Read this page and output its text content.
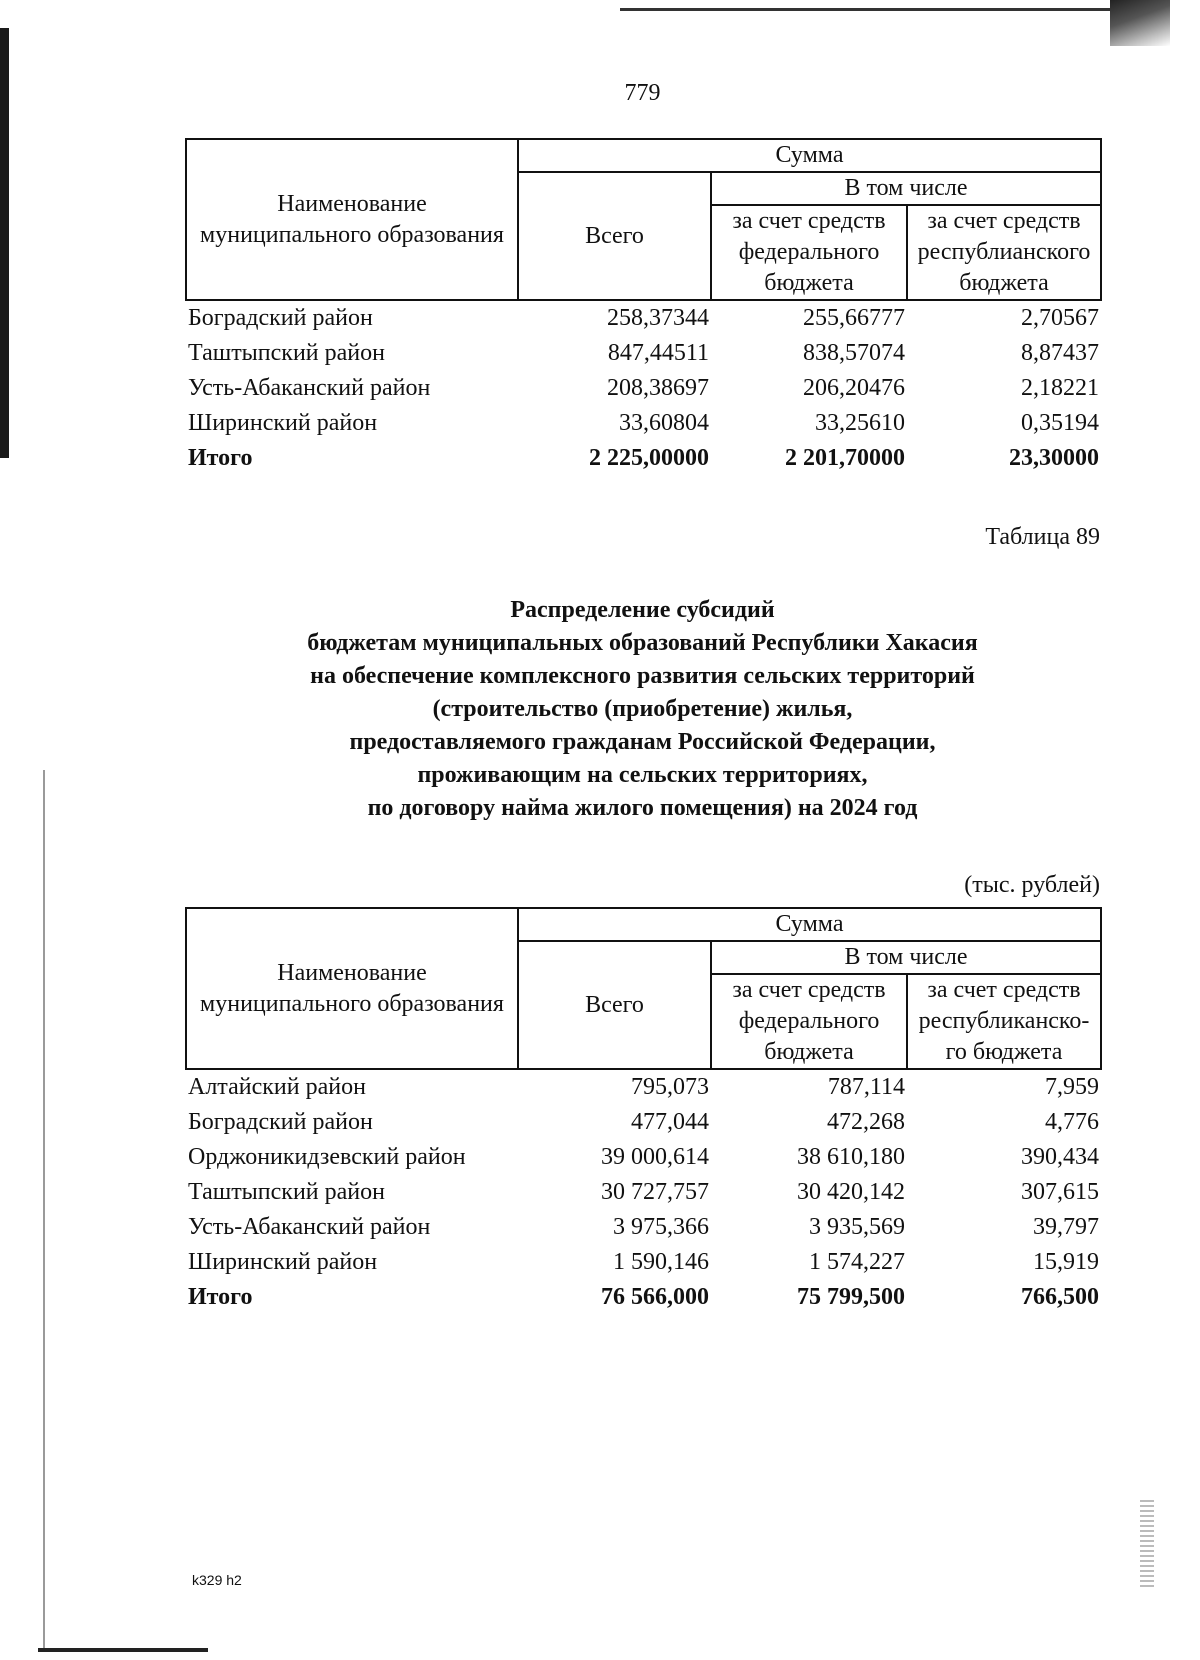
779
Наименование муниципального образования	Сумма		
	Всего	В том числе	
		за счет средств федерального бюджета	за счет средств республианского бюджета
Боградский район	258,37344	255,66777	2,70567
Таштыпский район	847,44511	838,57074	8,87437
Усть-Абаканский район	208,38697	206,20476	2,18221
Ширинский район	33,60804	33,25610	0,35194
Итого	2 225,00000	2 201,70000	23,30000
Таблица 89
Распределение субсидий
бюджетам муниципальных образований Республики Хакасия
на обеспечение комплексного развития сельских территорий
(строительство (приобретение) жилья,
предоставляемого гражданам Российской Федерации,
проживающим на сельских территориях,
по договору найма жилого помещения) на 2024 год
(тыс. рублей)
Наименование муниципального образования	Сумма		
	Всего	В том числе	
		за счет средств федерального бюджета	за счет средств республиканско-го бюджета
Алтайский район	795,073	787,114	7,959
Боградский район	477,044	472,268	4,776
Орджоникидзевский район	39 000,614	38 610,180	390,434
Таштыпский район	30 727,757	30 420,142	307,615
Усть-Абаканский район	3 975,366	3 935,569	39,797
Ширинский район	1 590,146	1 574,227	15,919
Итого	76 566,000	75 799,500	766,500
k329 h2
